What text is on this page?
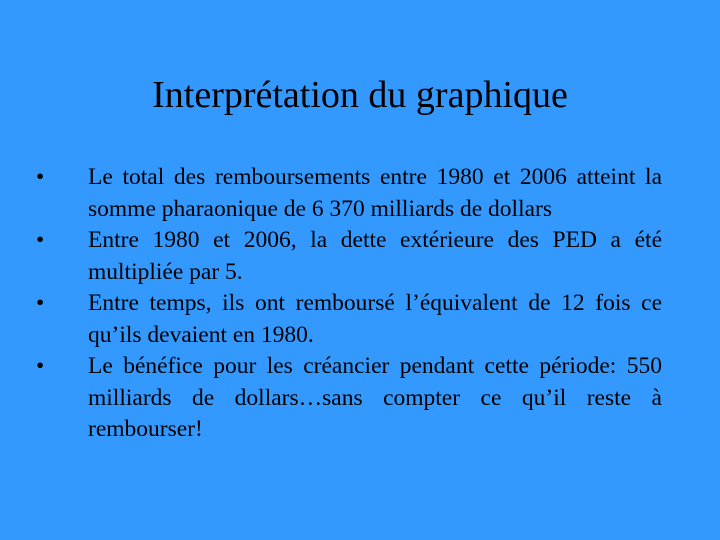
Interprétation du graphique
•	Le total des remboursements entre 1980 et 2006 atteint la somme pharaonique de 6 370 milliards de dollars
•	Entre 1980 et 2006, la dette extérieure des PED a été multipliée par 5.
•	Entre temps, ils ont remboursé l’équivalent de 12 fois ce qu’ils devaient en 1980.
•	Le bénéfice pour les créancier pendant cette période: 550 milliards de dollars…sans compter ce qu’il reste à rembourser!
